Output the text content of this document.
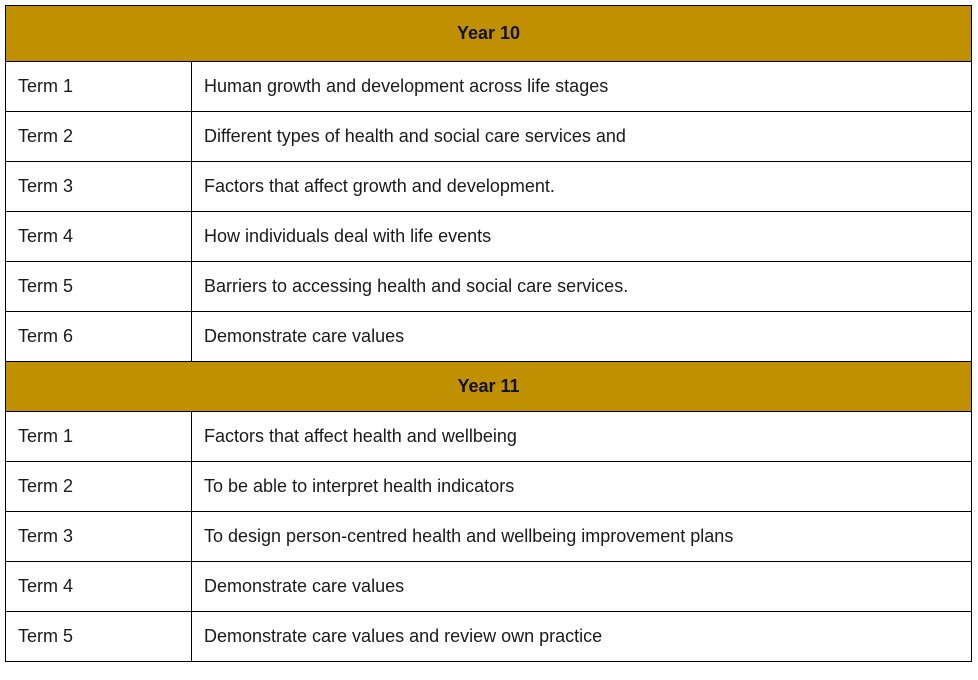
Year 10	
Term 1	Human growth and development across life stages
Term 2	Different types of health and social care services and
Term 3	Factors that affect growth and development.
Term 4	How individuals deal with life events
Term 5	Barriers to accessing health and social care services.
Term 6	Demonstrate care values
Year 11	
Term 1	Factors that affect health and wellbeing
Term 2	To be able to interpret health indicators
Term 3	To design person-centred health and wellbeing improvement plans
Term 4	Demonstrate care values
Term 5	Demonstrate care values and review own practice
